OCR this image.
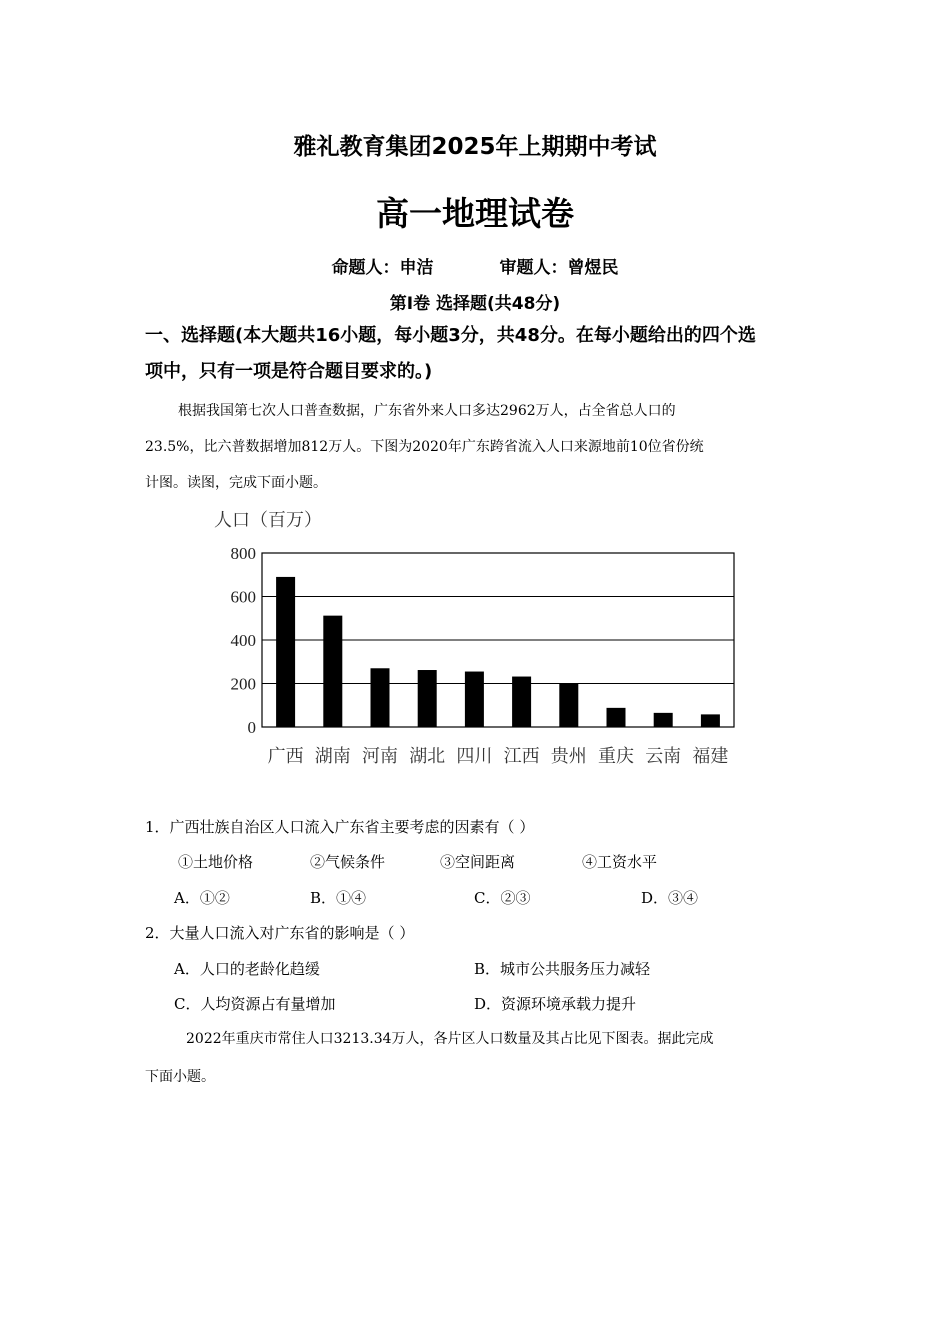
雅礼教育集团2025年上期期中考试
高一地理试卷
命题人：申洁	审题人：曾煜民
第Ⅰ卷 选择题(共48分)
一、选择题(本大题共16小题，每小题3分，共48分。在每小题给出的四个选
项中，只有一项是符合题目要求的。)
根据我国第七次人口普查数据，广东省外来人口多达2962万人，占全省总人口的
23.5%，比六普数据增加812万人。下图为2020年广东跨省流入人口来源地前10位省份统
计图。读图，完成下面小题。
人口（百万）
0
200
400
600
800
广西 湖南 河南 湖北 四川 江西 贵州 重庆 云南 福建
1．广西壮族自治区人口流入广东省主要考虑的因素有（ ）
①土地价格	②气候条件	③空间距离	④工资水平
A．①②	B．①④	C．②③	D．③④
2．大量人口流入对广东省的影响是（ ）
A．人口的老龄化趋缓	B．城市公共服务压力减轻
C．人均资源占有量增加	D．资源环境承载力提升
2022年重庆市常住人口3213.34万人，各片区人口数量及其占比见下图表。据此完成
下面小题。
